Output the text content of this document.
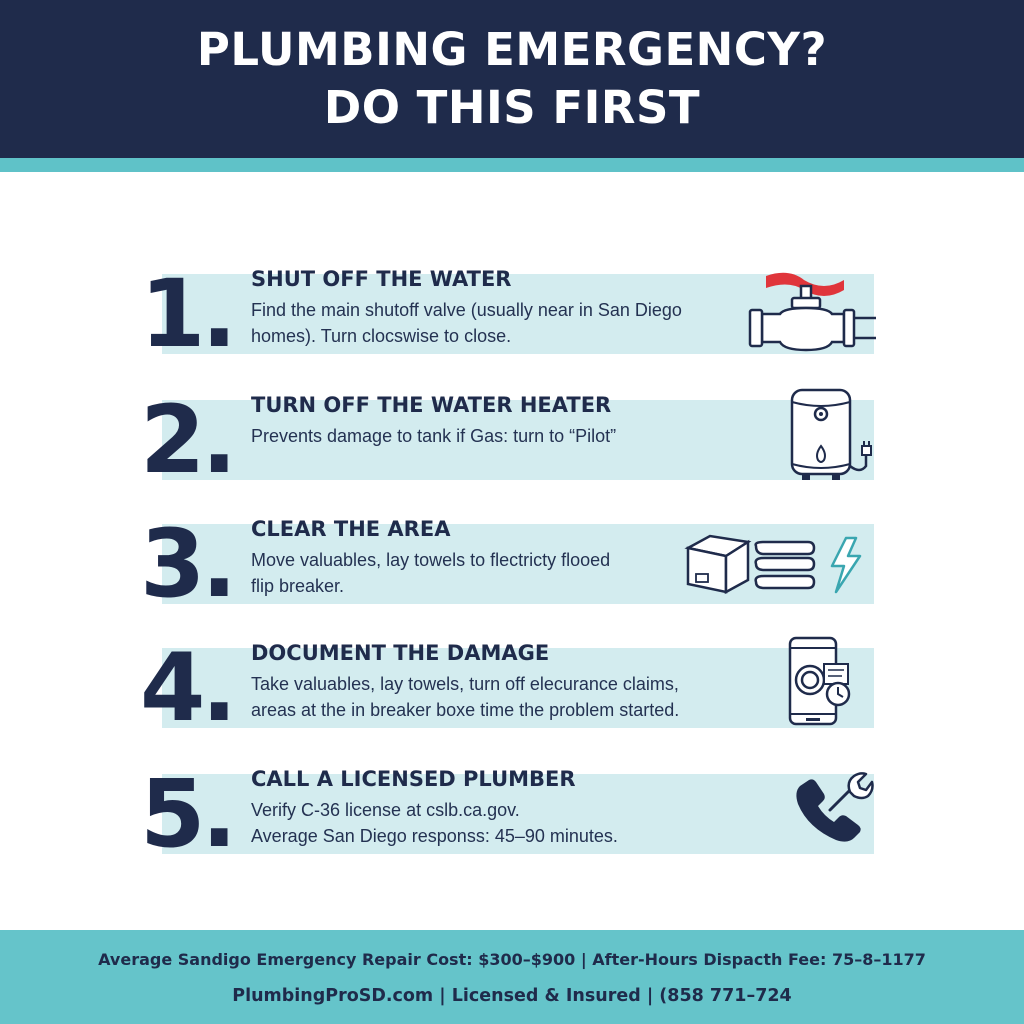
PLUMBING EMERGENCY?
DO THIS FIRST
1. SHUT OFF THE WATER
Find the main shutoff valve (usually near in San Diego
homes). Turn clocswise to close.
2. TURN OFF THE WATER HEATER
Prevents damage to tank if Gas: turn to “Pilot”
3. CLEAR THE AREA
Move valuables, lay towels to flectricty flooed
flip breaker.
4. DOCUMENT THE DAMAGE
Take valuables, lay towels, turn off elecurance claims,
areas at the in breaker boxe time the problem started.
5. CALL A LICENSED PLUMBER
Verify C-36 license at cslb.ca.gov.
Average San Diego responss: 45–90 minutes.
Average Sandigo Emergency Repair Cost: $300–$900 | After-Hours Dispacth Fee: 75–8–1177
PlumbingProSD.com | Licensed & Insured | (858 771–724
